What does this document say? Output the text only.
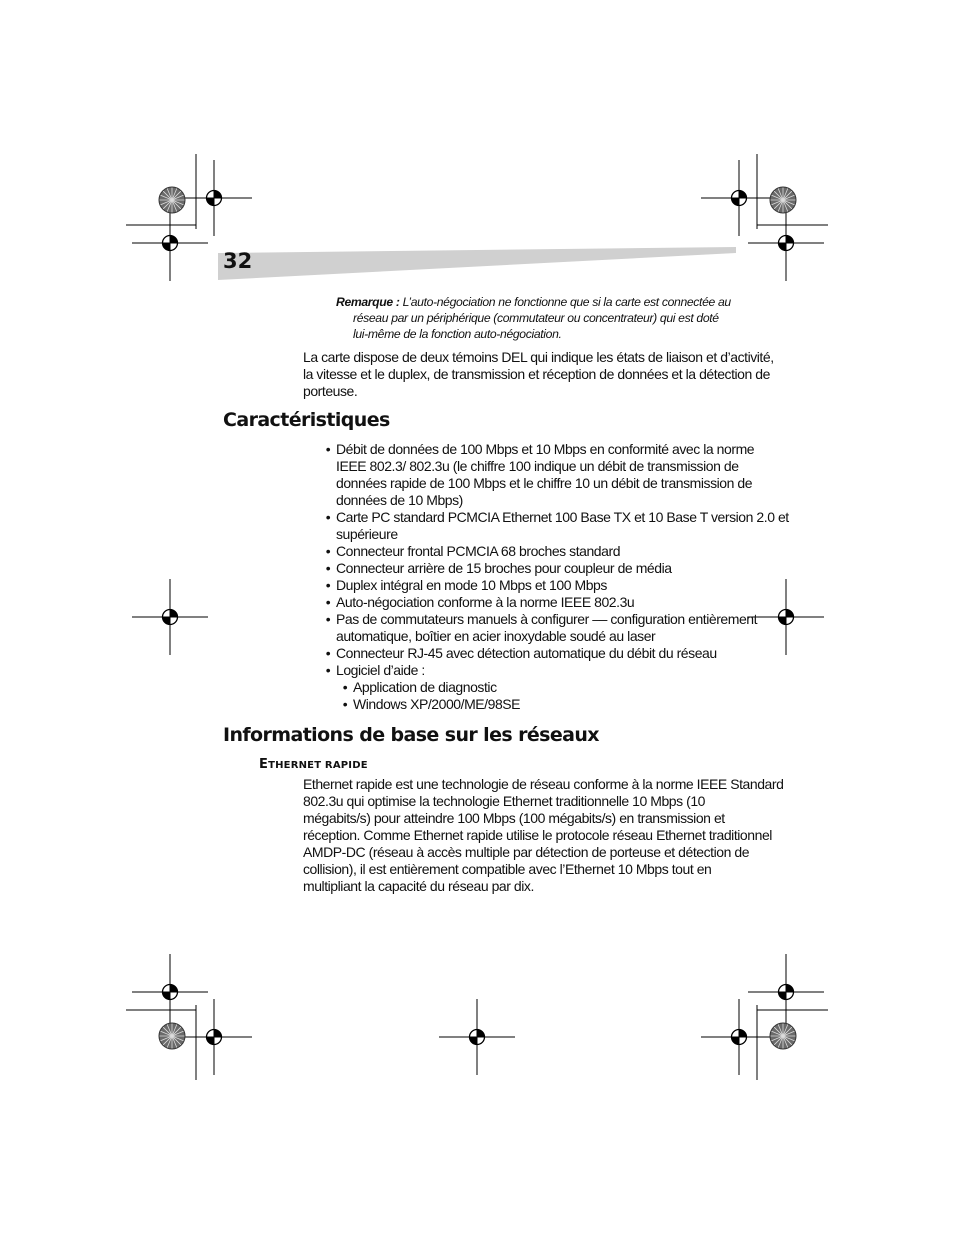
32
Remarque : L’auto-négociation ne fonctionne que si la carte est connectée au
réseau par un périphérique (commutateur ou concentrateur) qui est doté
lui-même de la fonction auto-négociation.
La carte dispose de deux témoins DEL qui indique les états de liaison et d’activité,
la vitesse et le duplex, de transmission et réception de données et la détection de
porteuse.
Caractéristiques
• Débit de données de 100 Mbps et 10 Mbps en conformité avec la norme
IEEE 802.3/ 802.3u (le chiffre 100 indique un débit de transmission de
données rapide de 100 Mbps et le chiffre 10 un débit de transmission de
données de 10 Mbps)
• Carte PC standard PCMCIA Ethernet 100 Base TX et 10 Base T version 2.0 et
supérieure
• Connecteur frontal PCMCIA 68 broches standard
• Connecteur arrière de 15 broches pour coupleur de média
• Duplex intégral en mode 10 Mbps et 100 Mbps
• Auto-négociation conforme à la norme IEEE 802.3u
• Pas de commutateurs manuels à configurer –– configuration entièrement
automatique, boîtier en acier inoxydable soudé au laser
• Connecteur RJ-45 avec détection automatique du débit du réseau
• Logiciel d’aide :
• Application de diagnostic
• Windows XP/2000/ME/98SE
Informations de base sur les réseaux
ETHERNET RAPIDE
Ethernet rapide est une technologie de réseau conforme à la norme IEEE Standard
802.3u qui optimise la technologie Ethernet traditionnelle 10 Mbps (10
mégabits/s) pour atteindre 100 Mbps (100 mégabits/s) en transmission et
réception. Comme Ethernet rapide utilise le protocole réseau Ethernet traditionnel
AMDP-DC (réseau à accès multiple par détection de porteuse et détection de
collision), il est entièrement compatible avec l’Ethernet 10 Mbps tout en
multipliant la capacité du réseau par dix.
